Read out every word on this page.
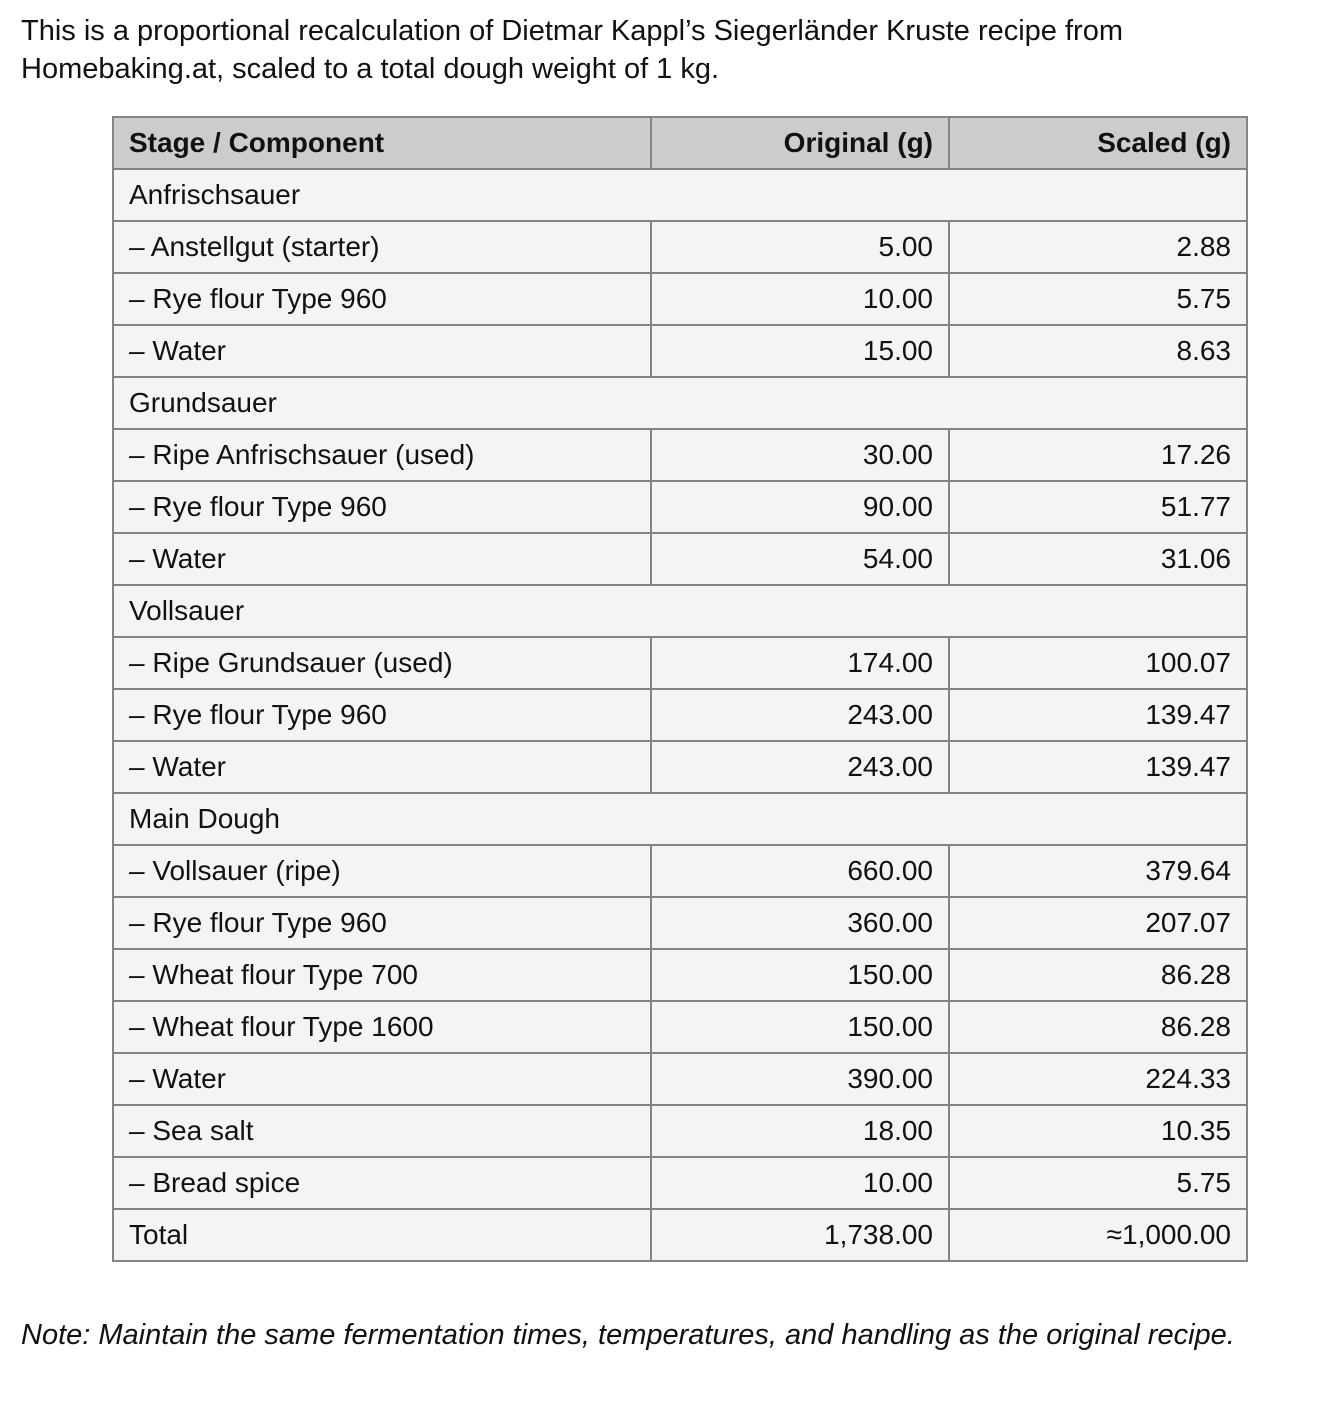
This is a proportional recalculation of Dietmar Kappl’s Siegerländer Kruste recipe from Homebaking.at, scaled to a total dough weight of 1 kg.

Stage / Component	Original (g)	Scaled (g)
Anfrischsauer		
– Anstellgut (starter)	5.00	2.88
– Rye flour Type 960	10.00	5.75
– Water	15.00	8.63
Grundsauer		
– Ripe Anfrischsauer (used)	30.00	17.26
– Rye flour Type 960	90.00	51.77
– Water	54.00	31.06
Vollsauer		
– Ripe Grundsauer (used)	174.00	100.07
– Rye flour Type 960	243.00	139.47
– Water	243.00	139.47
Main Dough		
– Vollsauer (ripe)	660.00	379.64
– Rye flour Type 960	360.00	207.07
– Wheat flour Type 700	150.00	86.28
– Wheat flour Type 1600	150.00	86.28
– Water	390.00	224.33
– Sea salt	18.00	10.35
– Bread spice	10.00	5.75
Total	1,738.00	≈1,000.00

Note: Maintain the same fermentation times, temperatures, and handling as the original recipe.
